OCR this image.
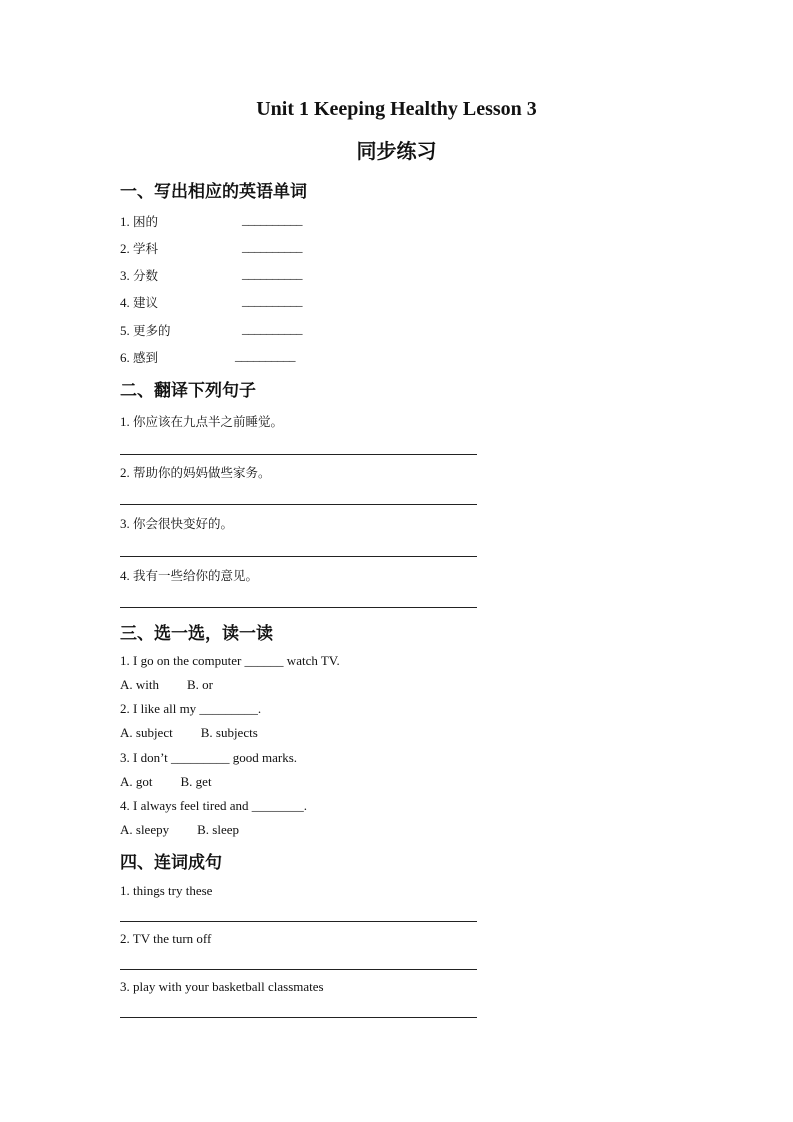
Unit 1 Keeping Healthy Lesson 3
同步练习
一、写出相应的英语单词
1. 困的	__________
2. 学科	__________
3. 分数	__________
4. 建议	__________
5. 更多的	__________
6. 感到	__________
二、翻译下列句子
1. 你应该在九点半之前睡觉。
2. 帮助你的妈妈做些家务。
3. 你会很快变好的。
4. 我有一些给你的意见。
三、选一选，读一读
1. I go on the computer ______ watch TV.
A. with B. or
2. I like all my _________.
A. subject B. subjects
3. I don’t _________ good marks.
A. got B. get
4. I always feel tired and ________.
A. sleepy B. sleep
四、连词成句
1. things try these
2. TV the turn off
3. play with your basketball classmates
